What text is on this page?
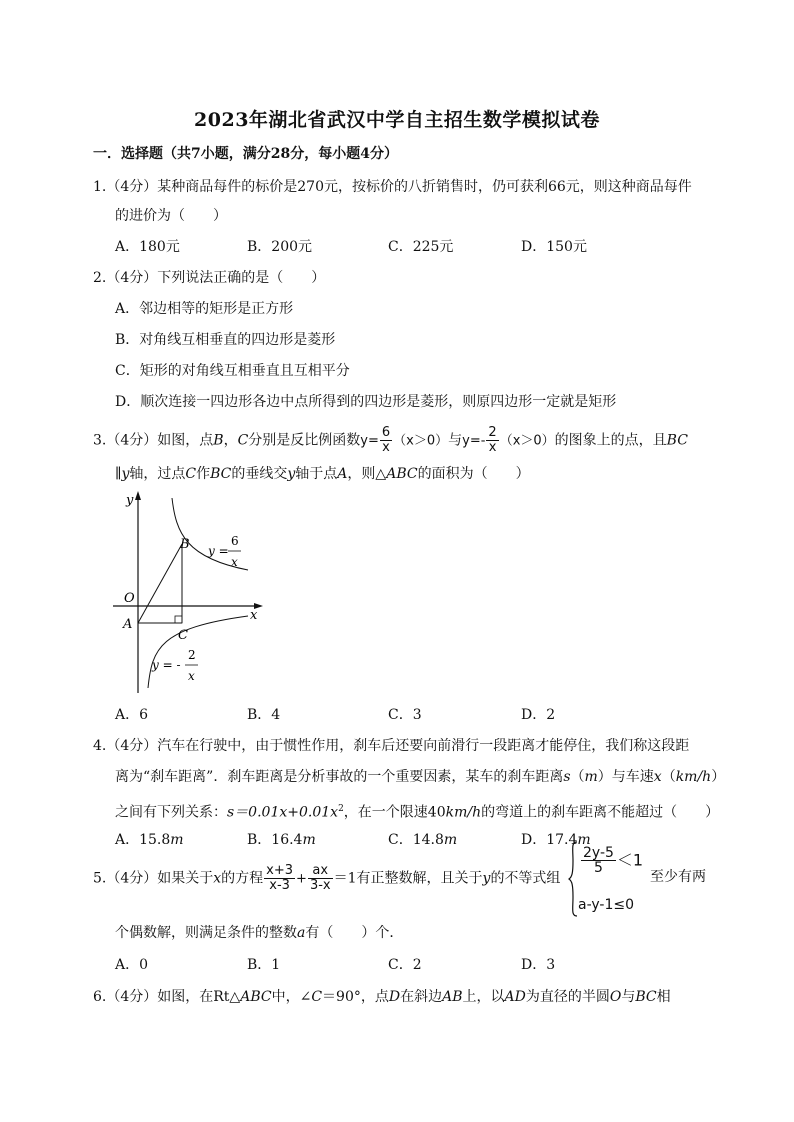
2023年湖北省武汉中学自主招生数学模拟试卷
一．选择题（共7小题，满分28分，每小题4分）
1.（4分）某种商品每件的标价是270元，按标价的八折销售时，仍可获利66元，则这种商品每件
的进价为（　　）
A．180元	B．200元	C．225元	D．150元
2.（4分）下列说法正确的是（　　）
A．邻边相等的矩形是正方形
B．对角线互相垂直的四边形是菱形
C．矩形的对角线互相垂直且互相平分
D．顺次连接一四边形各边中点所得到的四边形是菱形，则原四边形一定就是矩形
3.（4分）如图，点B，C分别是反比例函数$y= \frac{6}{x} (x>0)$与$y=- \frac{2}{x} (x>0)$的图象上的点，且BC
∥y轴，过点C作BC的垂线交y轴于点A，则△ABC的面积为（　　）
y
x
O
A
B
C
y =
6
x
y = -
2
x
A．6	B．4	C．3	D．2
4.（4分）汽车在行驶中，由于惯性作用，刹车后还要向前滑行一段距离才能停住，我们称这段距
离为“刹车距离”．刹车距离是分析事故的一个重要因素，某车的刹车距离s（m）与车速x（km/h）
之间有下列关系：$s=0.01x+0.01x^2$，在一个限速40km/h的弯道上的刹车距离不能超过（　　）
A．15.8m	B．16.4m	C．14.8m	D．17.4m
5.（4分）如果关于x的方程 $\frac{x+3}{x-3} + \frac{ax}{3-x} =1$有正整数解，且关于y的不等式组
$\frac{2y-5}{5} <1$
a-y-1≤0
至少有两
个偶数解，则满足条件的整数a有（　　）个．
A．0	B．1	C．2	D．3
6.（4分）如图，在Rt△ABC中，∠C＝90°，点D在斜边AB上，以AD为直径的半圆O与BC相
